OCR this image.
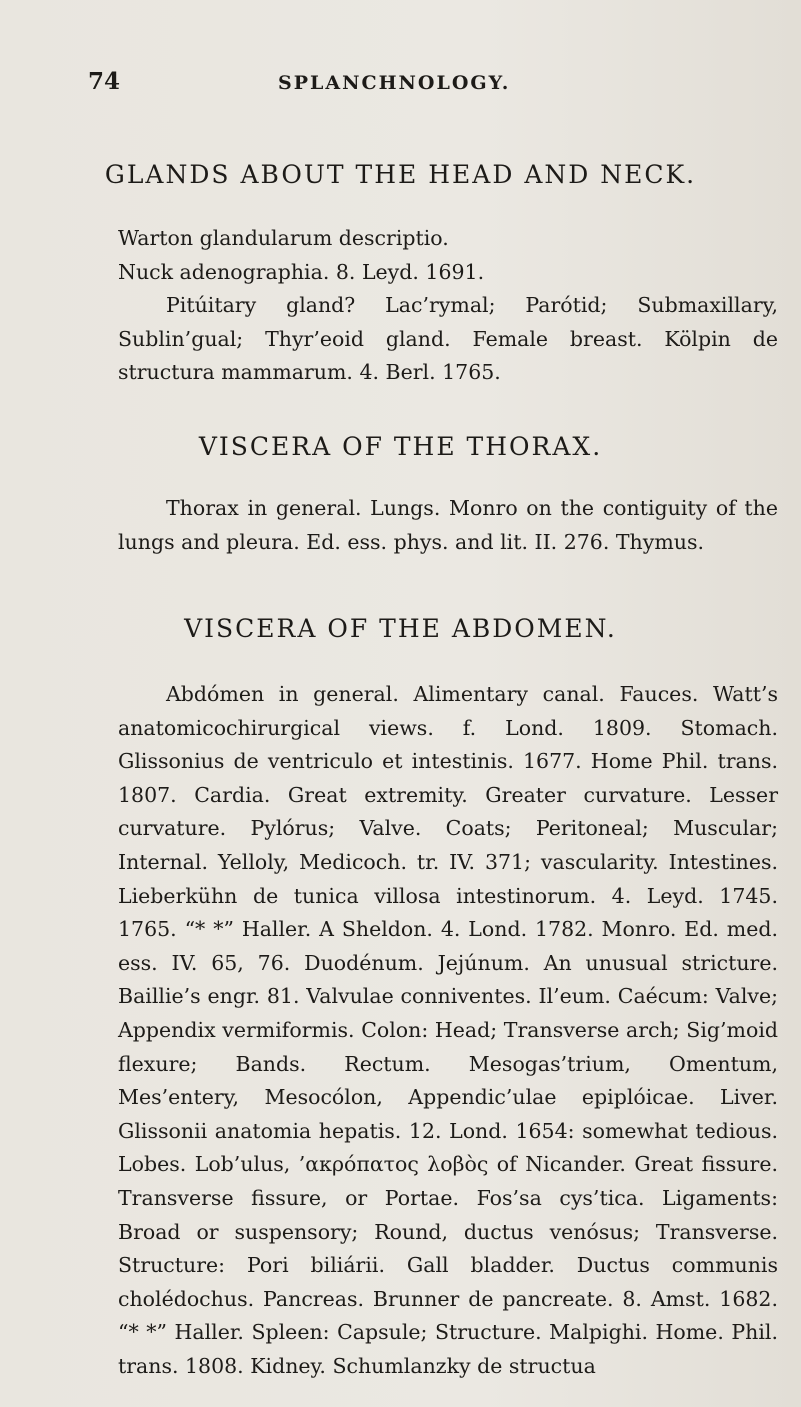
74	SPLANCHNOLOGY.
GLANDS ABOUT THE HEAD AND NECK.

Warton glandularum descriptio.

Nuck adenographia. 8. Leyd. 1691.

Pitúitary gland? Lac’rymal; Parótid; Submaxillary, Sublin’gual; Thyr’eoid gland. Female breast. Kölpin de structura mammarum. 4. Berl. 1765.

VISCERA OF THE THORAX.

Thorax in general. Lungs. Monro on the contiguity of the lungs and pleura. Ed. ess. phys. and lit. II. 276. Thymus.

VISCERA OF THE ABDOMEN.

Abdómen in general. Alimentary canal. Fauces. Watt’s anatomicochirurgical views. f. Lond. 1809. Stomach. Glissonius de ventriculo et intestinis. 1677. Home Phil. trans. 1807. Cardia. Great extremity. Greater curvature. Lesser curvature. Pylórus; Valve. Coats; Peritoneal; Muscular; Internal. Yelloly, Medicoch. tr. IV. 371; vascularity. Intestines. Lieberkühn de tunica villosa intestinorum. 4. Leyd. 1745. 1765. “* *” Haller. A Sheldon. 4. Lond. 1782. Monro. Ed. med. ess. IV. 65, 76. Duodénum. Jejúnum. An unusual stricture. Baillie’s engr. 81. Valvulae conniventes. Il’eum. Caécum: Valve; Appendix vermiformis. Colon: Head; Transverse arch; Sig’moid flexure; Bands. Rectum. Mesogas’trium, Omentum, Mes’entery, Mesocólon, Appendic’ulae epiplóicae. Liver. Glissonii anatomia hepatis. 12. Lond. 1654: somewhat tedious. Lobes. Lob’ulus, ’ακρόπατος λοβὸς of Nicander. Great fissure. Transverse fissure, or Portae. Fos’sa cys’tica. Ligaments: Broad or suspensory; Round, ductus venósus; Transverse. Structure: Pori biliárii. Gall bladder. Ductus communis cholédochus. Pancreas. Brunner de pancreate. 8. Amst. 1682. “* *” Haller. Spleen: Capsule; Structure. Malpighi. Home. Phil. trans. 1808. Kidney. Schumlanzky de structua
